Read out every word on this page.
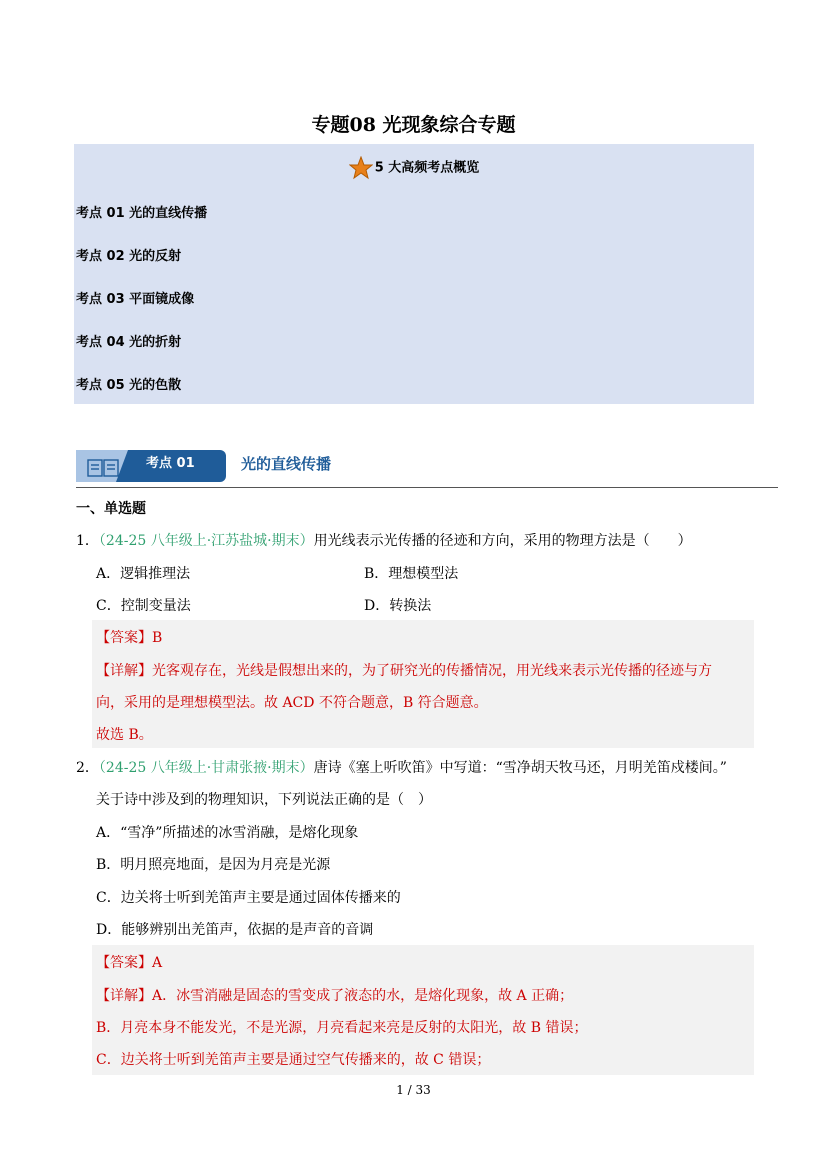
专题08 光现象综合专题
5 大高频考点概览
考点 01 光的直线传播
考点 02 光的反射
考点 03 平面镜成像
考点 04 光的折射
考点 05 光的色散
考点 01	光的直线传播
一、单选题
1．（24-25 八年级上·江苏盐城·期末）用光线表示光传播的径迹和方向，采用的物理方法是（　　）
A．逻辑推理法	B．理想模型法
C．控制变量法	D．转换法
【答案】B
【详解】光客观存在，光线是假想出来的，为了研究光的传播情况，用光线来表示光传播的径迹与方
向，采用的是理想模型法。故 ACD 不符合题意，B 符合题意。
故选 B。
2．（24-25 八年级上·甘肃张掖·期末）唐诗《塞上听吹笛》中写道：“雪净胡天牧马还，月明羌笛戍楼间。”
关于诗中涉及到的物理知识，下列说法正确的是（　）
A．“雪净”所描述的冰雪消融，是熔化现象
B．明月照亮地面，是因为月亮是光源
C．边关将士听到羌笛声主要是通过固体传播来的
D．能够辨别出羌笛声，依据的是声音的音调
【答案】A
【详解】A．冰雪消融是固态的雪变成了液态的水，是熔化现象，故 A 正确；
B．月亮本身不能发光，不是光源，月亮看起来亮是反射的太阳光，故 B 错误；
C．边关将士听到羌笛声主要是通过空气传播来的，故 C 错误；
1 / 33
